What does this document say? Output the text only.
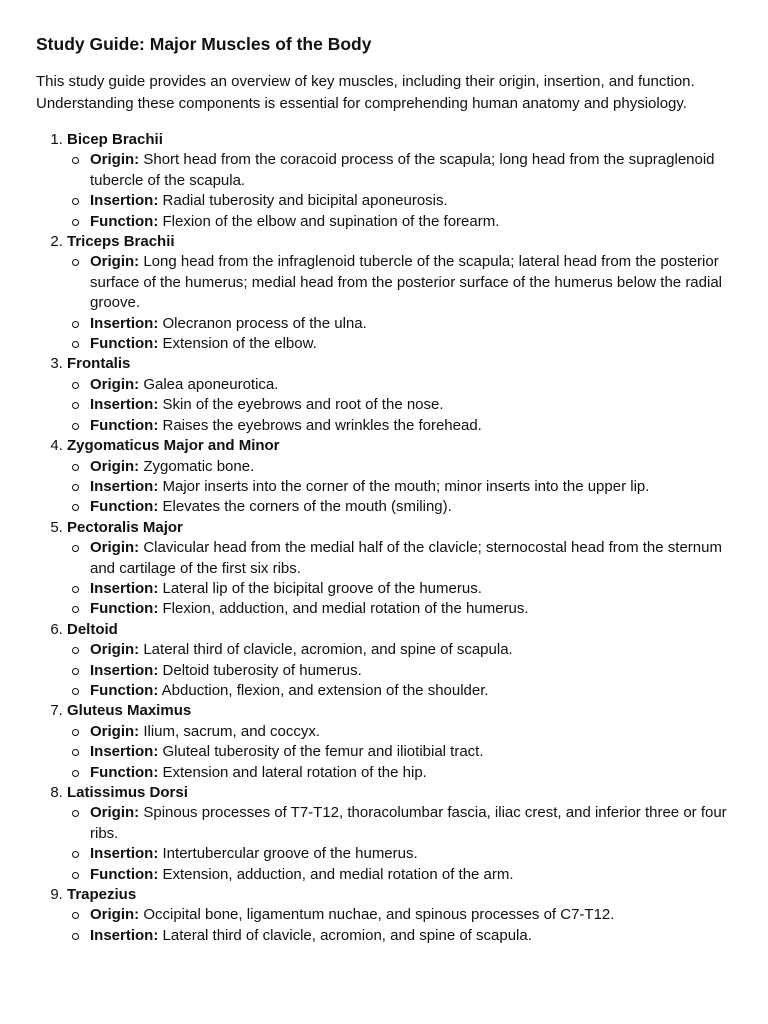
Study Guide: Major Muscles of the Body

This study guide provides an overview of key muscles, including their origin, insertion, and function. Understanding these components is essential for comprehending human anatomy and physiology.

1. Bicep Brachii
Origin: Short head from the coracoid process of the scapula; long head from the supraglenoid tubercle of the scapula.
Insertion: Radial tuberosity and bicipital aponeurosis.
Function: Flexion of the elbow and supination of the forearm.
2. Triceps Brachii
Origin: Long head from the infraglenoid tubercle of the scapula; lateral head from the posterior surface of the humerus; medial head from the posterior surface of the humerus below the radial groove.
Insertion: Olecranon process of the ulna.
Function: Extension of the elbow.
3. Frontalis
Origin: Galea aponeurotica.
Insertion: Skin of the eyebrows and root of the nose.
Function: Raises the eyebrows and wrinkles the forehead.
4. Zygomaticus Major and Minor
Origin: Zygomatic bone.
Insertion: Major inserts into the corner of the mouth; minor inserts into the upper lip.
Function: Elevates the corners of the mouth (smiling).
5. Pectoralis Major
Origin: Clavicular head from the medial half of the clavicle; sternocostal head from the sternum and cartilage of the first six ribs.
Insertion: Lateral lip of the bicipital groove of the humerus.
Function: Flexion, adduction, and medial rotation of the humerus.
6. Deltoid
Origin: Lateral third of clavicle, acromion, and spine of scapula.
Insertion: Deltoid tuberosity of humerus.
Function: Abduction, flexion, and extension of the shoulder.
7. Gluteus Maximus
Origin: Ilium, sacrum, and coccyx.
Insertion: Gluteal tuberosity of the femur and iliotibial tract.
Function: Extension and lateral rotation of the hip.
8. Latissimus Dorsi
Origin: Spinous processes of T7-T12, thoracolumbar fascia, iliac crest, and inferior three or four ribs.
Insertion: Intertubercular groove of the humerus.
Function: Extension, adduction, and medial rotation of the arm.
9. Trapezius
Origin: Occipital bone, ligamentum nuchae, and spinous processes of C7-T12.
Insertion: Lateral third of clavicle, acromion, and spine of scapula.
